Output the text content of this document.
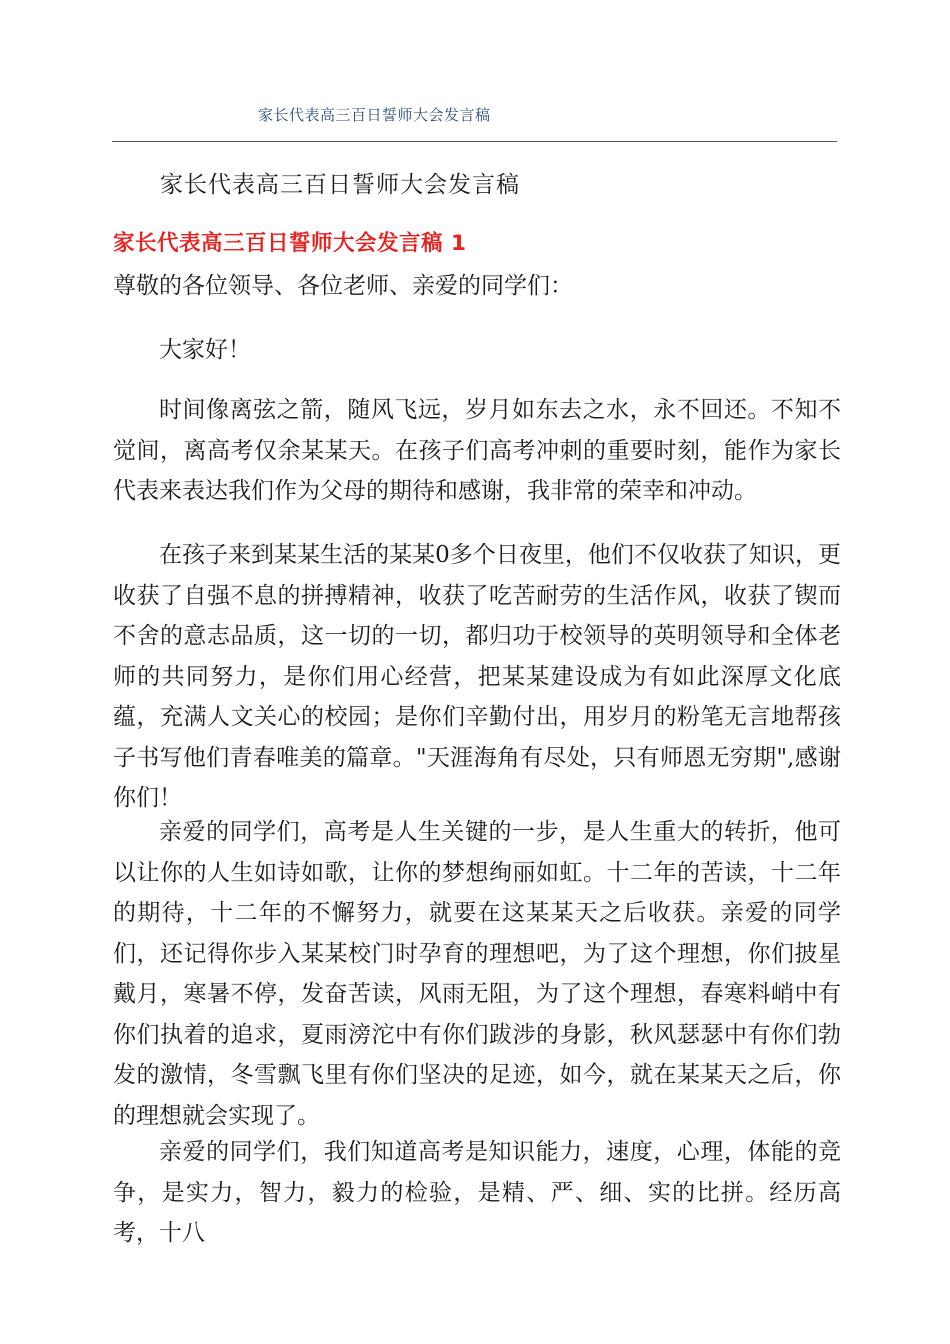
家长代表高三百日誓师大会发言稿
家长代表高三百日誓师大会发言稿
家长代表高三百日誓师大会发言稿 1

尊敬的各位领导、各位老师、亲爱的同学们：

大家好！

时间像离弦之箭，随风飞远，岁月如东去之水，永不回还。不知不觉间，离高考仅余某某天。在孩子们高考冲刺的重要时刻，能作为家长代表来表达我们作为父母的期待和感谢，我非常的荣幸和冲动。

在孩子来到某某生活的某某0多个日夜里，他们不仅收获了知识，更收获了自强不息的拼搏精神，收获了吃苦耐劳的生活作风，收获了锲而不舍的意志品质，这一切的一切，都归功于校领导的英明领导和全体老师的共同努力，是你们用心经营，把某某建设成为有如此深厚文化底蕴，充满人文关心的校园；是你们辛勤付出，用岁月的粉笔无言地帮孩子书写他们青春唯美的篇章。"天涯海角有尽处，只有师恩无穷期",感谢你们！

亲爱的同学们，高考是人生关键的一步，是人生重大的转折，他可以让你的人生如诗如歌，让你的梦想绚丽如虹。十二年的苦读，十二年的期待，十二年的不懈努力，就要在这某某天之后收获。亲爱的同学们，还记得你步入某某校门时孕育的理想吧，为了这个理想，你们披星戴月，寒暑不停，发奋苦读，风雨无阻，为了这个理想，春寒料峭中有你们执着的追求，夏雨滂沱中有你们跋涉的身影，秋风瑟瑟中有你们勃发的激情，冬雪飘飞里有你们坚决的足迹，如今，就在某某天之后，你的理想就会实现了。

亲爱的同学们，我们知道高考是知识能力，速度，心理，体能的竞争，是实力，智力，毅力的检验，是精、严、细、实的比拼。经历高考，十八
